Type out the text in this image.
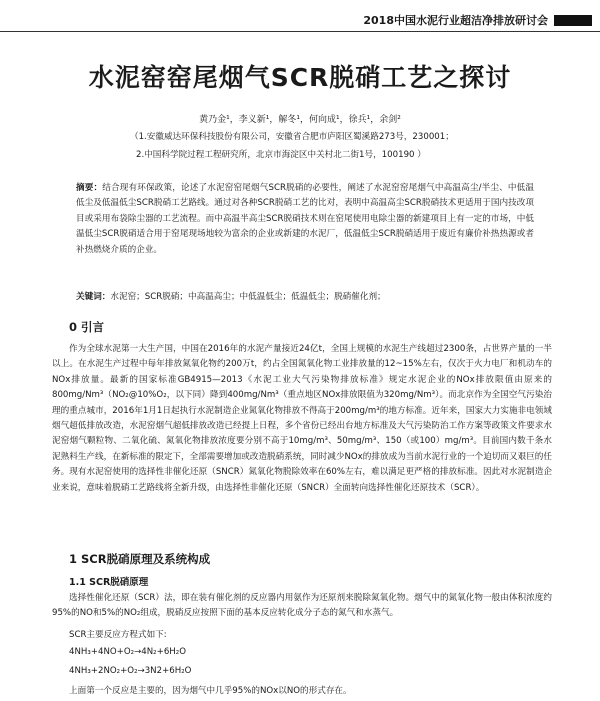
2018中国水泥行业超洁净排放研讨会
水泥窑窑尾烟气SCR脱硝工艺之探讨
黄乃金¹，李义新¹，解冬¹，何向成¹，徐兵¹，余剑²
（1.安徽威达环保科技股份有限公司，安徽省合肥市庐阳区蜀溪路273号，230001；
2.中国科学院过程工程研究所，北京市海淀区中关村北二街1号，100190 ）
摘要：结合现有环保政策，论述了水泥窑窑尾烟气SCR脱硝的必要性，阐述了水泥窑窑尾烟气中高温高尘/半尘、中低温低尘及低温低尘SCR脱硝工艺路线。通过对各种SCR脱硝工艺的比对，表明中高温高尘SCR脱硝技术更适用于国内技改项目或采用布袋除尘器的工艺流程。而中高温半高尘SCR脱硝技术则在窑尾使用电除尘器的新建项目上有一定的市场，中低温低尘SCR脱硝适合用于窑尾现场地较为富余的企业或新建的水泥厂，低温低尘SCR脱硝适用于废近有廉价补热热源或者补热燃烧介质的企业。
关键词：水泥窑；SCR脱硝；中高温高尘；中低温低尘；低温低尘；脱硝催化剂；
0 引言
作为全球水泥第一大生产国，中国在2016年的水泥产量接近24亿t，全国上规模的水泥生产线超过2300条，占世界产量的一半以上。在水泥生产过程中每年排放氮氧化物约200万t，约占全国氮氧化物工业排放量的12~15%左右，仅次于火力电厂和机动车的NOx排放量。最新的国家标准GB4915—2013《水泥工业大气污染物排放标准》规定水泥企业的NOx排放限值由原来的800mg/Nm³（NO₂@10%O₂，以下同）降到400mg/Nm³（重点地区NOx排放限值为320mg/Nm³）。而北京作为全国空气污染治理的重点城市，2016年1月1日起执行水泥制造企业氮氧化物排放不得高于200mg/m³的地方标准。近年来，国家大力实施非电领域烟气超低排放改造，水泥窑烟气超低排放改造已经提上日程，多个省份已经出台地方标准及大气污染防治工作方案等政策文件要求水泥窑烟气颗粒物、二氧化硫、氮氧化物排放浓度要分别不高于10mg/m³、50mg/m³、150（或100）mg/m³。目前国内数千条水泥熟料生产线，在新标准的限定下，全部需要增加或改造脱硝系统，同时减少NOx的排放成为当前水泥行业的一个迫切而又艰巨的任务。现有水泥窑使用的选择性非催化还原（SNCR）氮氧化物脱除效率在60%左右，难以满足更严格的排放标准。因此对水泥制造企业来说，意味着脱硝工艺路线将全新升级，由选择性非催化还原（SNCR）全面转向选择性催化还原技术（SCR）。
1 SCR脱硝原理及系统构成
1.1 SCR脱硝原理
选择性催化还原（SCR）法，即在装有催化剂的反应器内用氨作为还原剂来脱除氮氧化物。烟气中的氮氧化物一般由体积浓度约95%的NO和5%的NO₂组成，脱硝反应按照下面的基本反应转化成分子态的氮气和水蒸气。
SCR主要反应方程式如下:
4NH₃+4NO+O₂→4N₂+6H₂O
4NH₃+2NO₂+O₂→3N2+6H₂O
上面第一个反应是主要的，因为烟气中几乎95%的NOx以NO的形式存在。
